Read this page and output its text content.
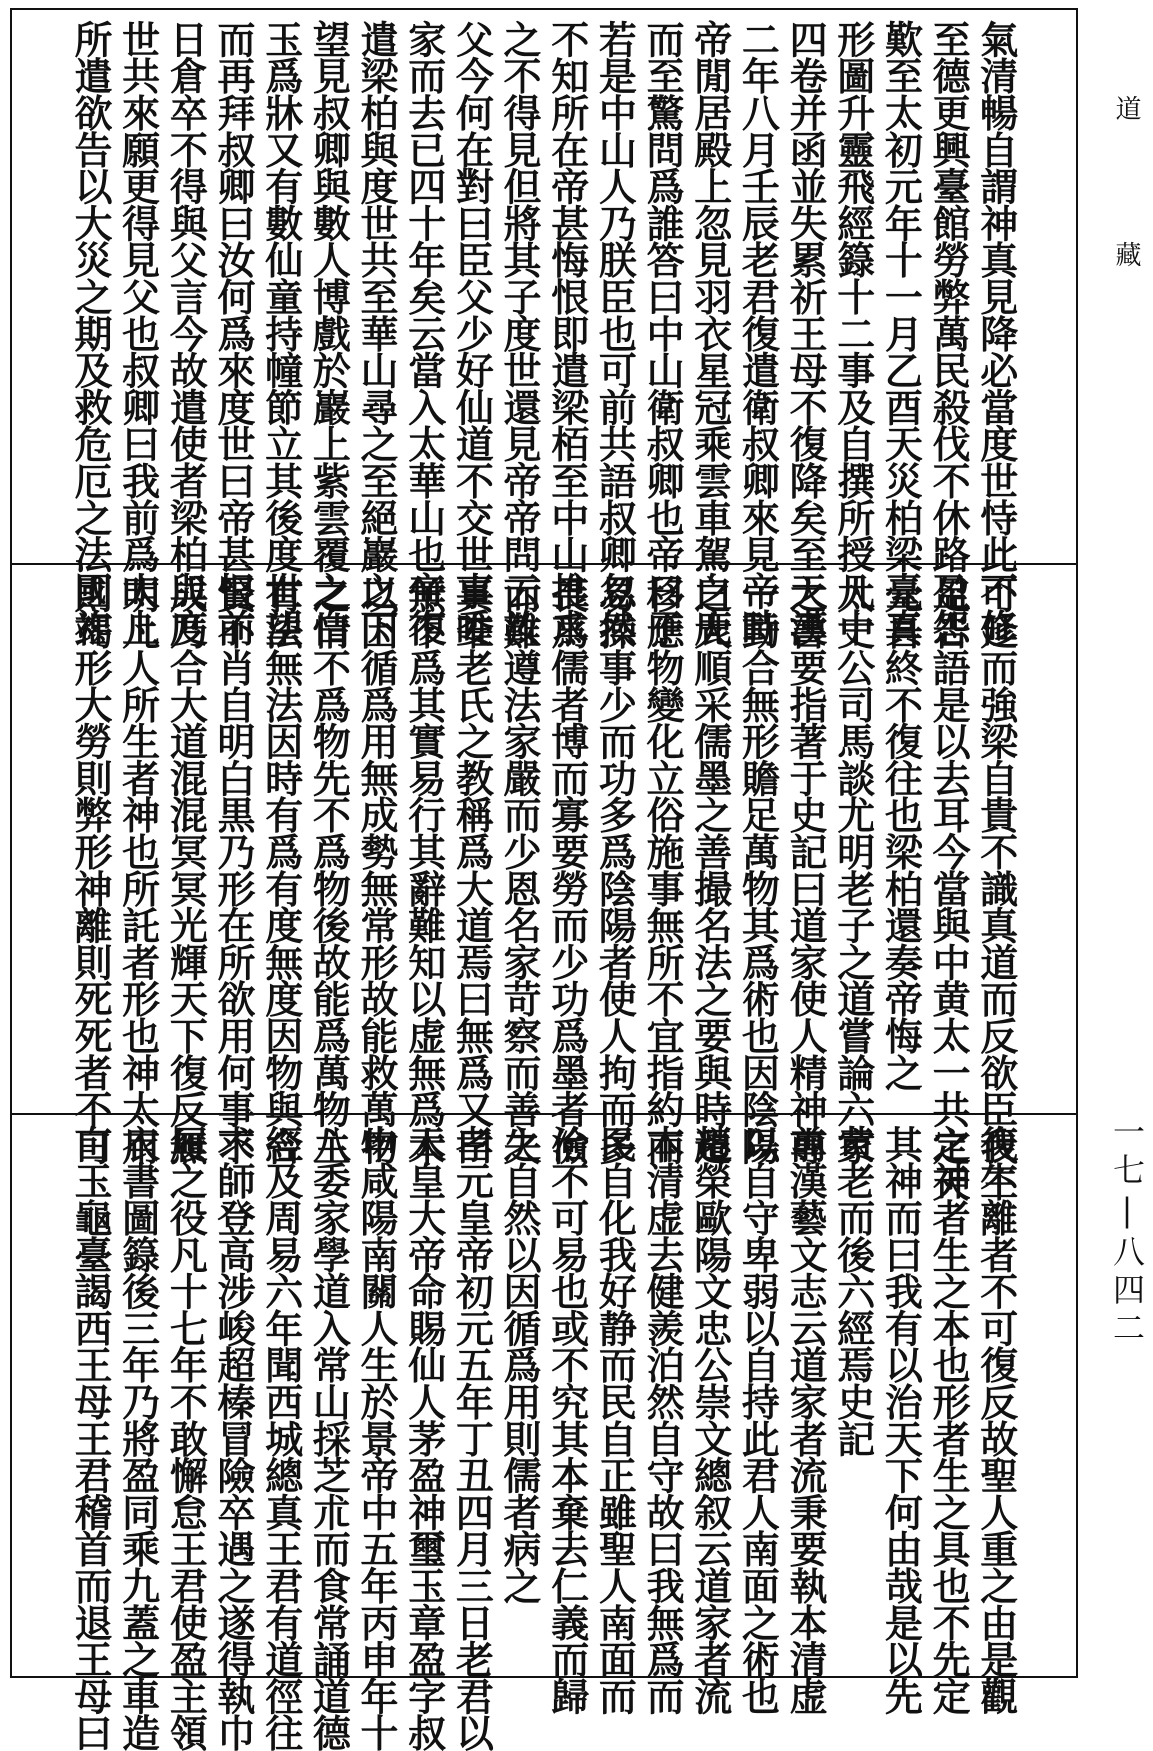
氣清暢自謂神真見降必當度世恃此不修
至德更興臺館勞弊萬民殺伐不休路盈怨
歎至太初元年十一月乙酉天災柏梁臺真
形圖升靈飛經籙十二事及自撰所授凡十
四卷并函並失累祈王母不復降矣至天漢
二年八月壬辰老君復遣衛叔卿來見帝時
帝閒居殿上忽見羽衣星冠乘雲車駕白鹿
而至驚問爲誰答曰中山衛叔卿也帝曰子
若是中山人乃朕臣也可前共語叔卿忽然
不知所在帝甚悔恨即遣梁栢至中山推求
之不得見但將其子度世還見帝帝問云汝
父今何在對曰臣父少好仙道不交世事委
家而去已四十年矣云當入太華山也帝復
遣梁柏與度世共至華山尋之至絕巖之下
望見叔卿與數人博戲於巖上紫雲覆之白
玉爲牀又有數仙童持幢節立其後度世望
而再拜叔卿曰汝何爲來度世曰帝甚恨前
日倉卒不得與父言今故遣使者梁柏與度
世共來願更得見父也叔卿曰我前爲太上
所遣欲告以大災之期及救危厄之法國祚
可延而強梁自貴不識真道而反欲臣我不
足告語是以去耳今當與中黄太一共定天
元吾終不復往也梁柏還奏帝悔之
太史公司馬談尤明老子之道嘗論六家
之書要指著于史記曰道家使人精神專
一動合無形贍足萬物其爲術也因陰陽
之大順采儒墨之善撮名法之要與時遷
移應物變化立俗施事無所不宜指約而
易操事少而功多爲陰陽者使人拘而多
畏爲儒者博而寡要勞而少功爲墨者儉
而難遵法家嚴而少恩名家苛察而善失
真唯老氏之教稱爲大道焉曰無爲又曰
無不爲其實易行其辭難知以虚無爲本
以因循爲用無成勢無常形故能救萬物
之情不爲物先不爲物後故能爲萬物主
有法無法因時有爲有度無度因物與合
賢不肖自明白黒乃形在所欲用何事不
成乃合大道混混冥冥光輝天下復反無
明凡人所生者神也所託者形也神太用
則竭形大勞則弊形神離則死死者不可
復生離者不可復反故聖人重之由是觀
之神者生之本也形者生之具也不先定
其神而曰我有以治天下何由哉是以先
黄老而後六經焉史記
前漢藝文志云道家者流秉要執本清虚
以自守卑弱以自持此君人南面之術也
趙榮歐陽文忠公崇文總叙云道家者流
本清虚去健羨泊然自守故曰我無爲而
民自化我好静而民自正雖聖人南面而
治不可易也或不究其本棄去仁義而歸
之自然以因循爲用則儒者病之
孝元皇帝初元五年丁丑四月三日老君以
天皇大帝命賜仙人茅盈神璽玉章盈字叔
申咸陽南關人生於景帝中五年丙申年十
八委家學道入常山採芝朮而食常誦道德
經及周易六年聞西城總真王君有道徑往
求師登高涉峻超榛冒險卒遇之遂得執巾
履之役凡十七年不敢懈怠王君使盈主領
衣書圖籙後三年乃將盈同乘九蓋之車造
白玉龜臺謁西王母王君稽首而退王母曰
道藏
一七|八四二
